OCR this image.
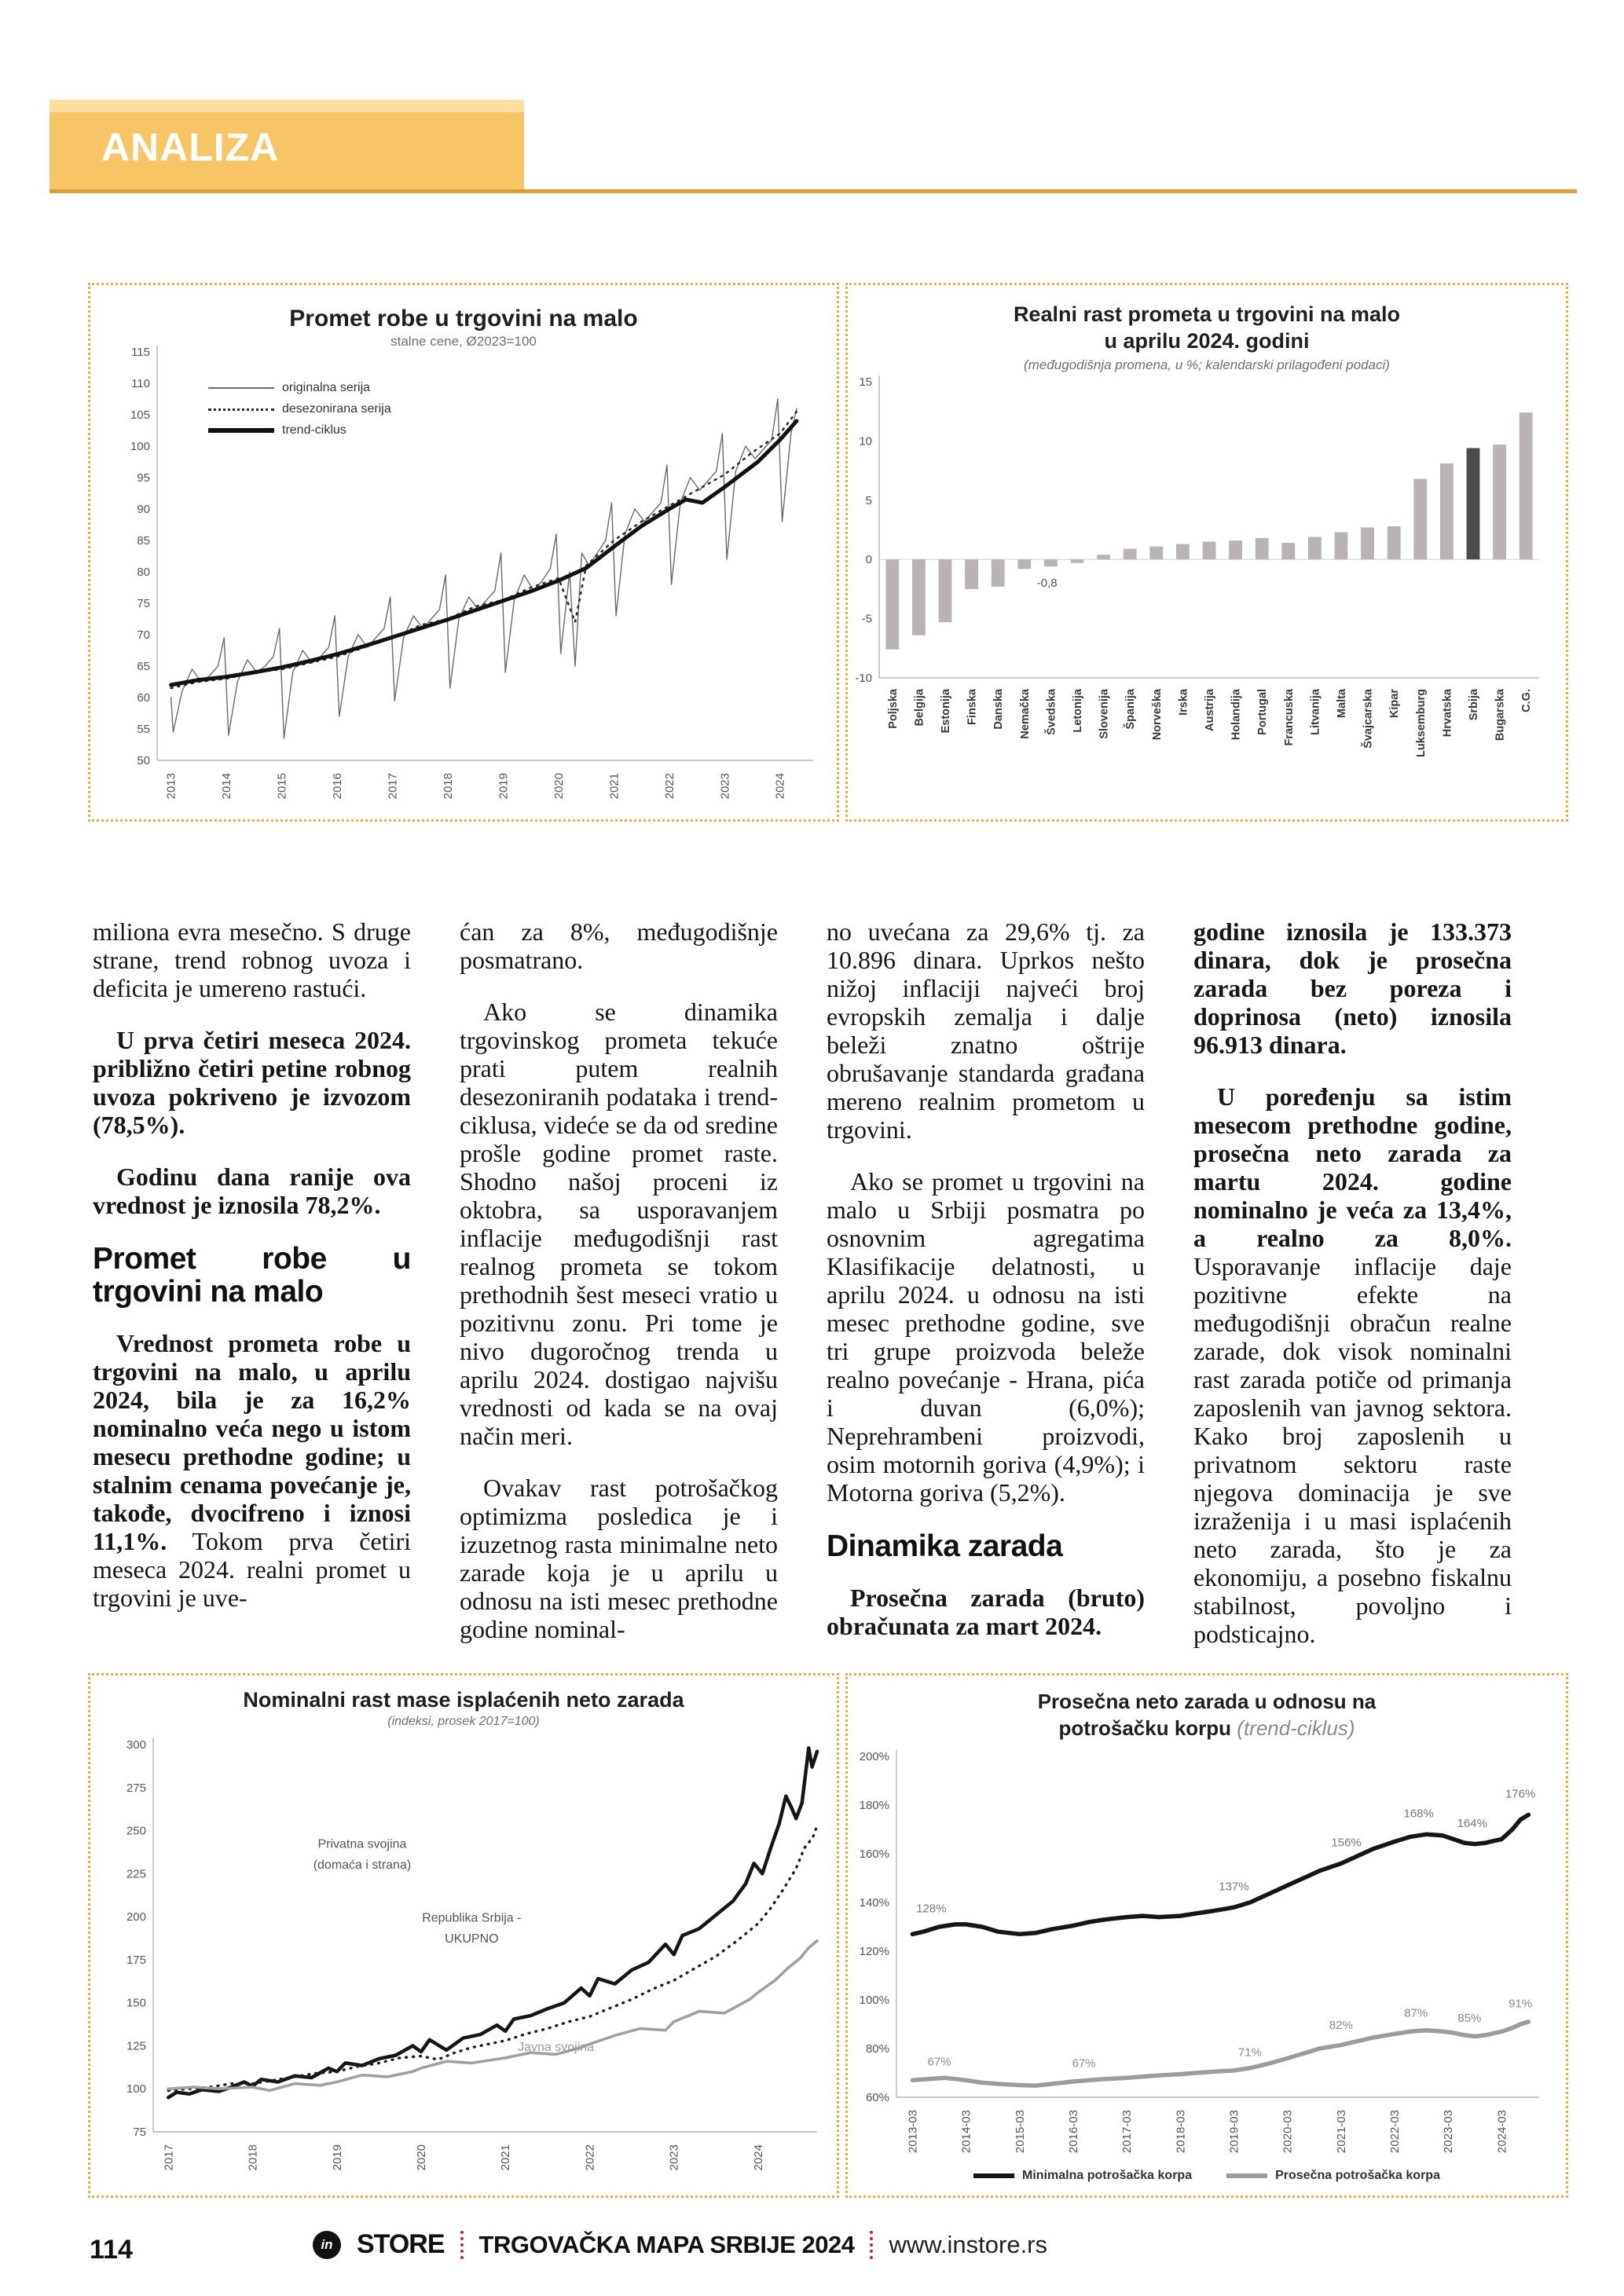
ANALIZA
Promet robe u trgovini na malo
stalne cene, Ø2023=100
115
110
105
100
95
90
85
80
75
70
65
60
55
50
2013	2014	2015	2016	2017	2018	2019	2020	2021	2022	2023	2024
originalna serija
desezonirana serija
trend-ciklus
Realni rast prometa u trgovini na malo
u aprilu 2024. godini
(međugodišnja promena, u %; kalendarski prilagođeni podaci)
15
10
5
0
-5
-10
Poljska Belgija Estonija Finska Danska Nemačka Švedska Letonija Slovenija Španija Norveška Irska Austrija Holandija Portugal Francuska Litvanija Malta Švajcarska Kipar Luksemburg Hrvatska Srbija Bugarska C.G.
-0,8

miliona evra mesečno. S druge strane, trend robnog uvoza i deficita je umereno rastući.

U prva četiri meseca 2024. približno četiri petine robnog uvoza pokriveno je izvozom (78,5%).

Godinu dana ranije ova vrednost je iznosila 78,2%.

Promet robe u trgovini na malo

Vrednost prometa robe u trgovini na malo, u aprilu 2024, bila je za 16,2% nominalno veća nego u istom mesecu prethodne godine; u stalnim cenama povećanje je, takođe, dvocifreno i iznosi 11,1%. Tokom prva četiri meseca 2024. realni promet u trgovini je uve-

ćan za 8%, međugodišnje posmatrano.

Ako se dinamika trgovinskog prometa tekuće prati putem realnih desezoniranih podataka i trend-ciklusa, videće se da od sredine prošle godine promet raste. Shodno našoj proceni iz oktobra, sa usporavanjem inflacije međugodišnji rast realnog prometa se tokom prethodnih šest meseci vratio u pozitivnu zonu. Pri tome je nivo dugoročnog trenda u aprilu 2024. dostigao najvišu vrednosti od kada se na ovaj način meri.

Ovakav rast potrošačkog optimizma posledica je i izuzetnog rasta minimalne neto zarade koja je u aprilu u odnosu na isti mesec prethodne godine nominal-

no uvećana za 29,6% tj. za 10.896 dinara. Uprkos nešto nižoj inflaciji najveći broj evropskih zemalja i dalje beleži znatno oštrije obrušavanje standarda građana mereno realnim prometom u trgovini.

Ako se promet u trgovini na malo u Srbiji posmatra po osnovnim agregatima Klasifikacije delatnosti, u aprilu 2024. u odnosu na isti mesec prethodne godine, sve tri grupe proizvoda beleže realno povećanje - Hrana, pića i duvan (6,0%); Neprehrambeni proizvodi, osim motornih goriva (4,9%); i Motorna goriva (5,2%).

Dinamika zarada

Prosečna zarada (bruto) obračunata za mart 2024.

godine iznosila je 133.373 dinara, dok je prosečna zarada bez poreza i doprinosa (neto) iznosila 96.913 dinara.

U poređenju sa istim mesecom prethodne godine, prosečna neto zarada za martu 2024. godine nominalno je veća za 13,4%, a realno za 8,0%. Usporavanje inflacije daje pozitivne efekte na međugodišnji obračun realne zarade, dok visok nominalni rast zarada potiče od primanja zaposlenih van javnog sektora. Kako broj zaposlenih u privatnom sektoru raste njegova dominacija je sve izraženija i u masi isplaćenih neto zarada, što je za ekonomiju, a posebno fiskalnu stabilnost, povoljno i podsticajno.

Nominalni rast mase isplaćenih neto zarada
(indeksi, prosek 2017=100)
300
275
250
225
200
175
150
125
100
75
2017	2018	2019	2020	2021	2022	2023	2024
Privatna svojina
(domaća i strana)
Republika Srbija -
UKUPNO
Javna svojina
Prosečna neto zarada u odnosu na
potrošačku korpu (trend-ciklus)
200%
180%
160%
140%
120%
100%
80%
60%
2013-03	2014-03	2015-03	2016-03	2017-03	2018-03	2019-03	2020-03	2021-03	2022-03	2023-03	2024-03
128%
137%
156%
168%
164%
176%
67%	67%
71%
82%
87%	85%
91%
Minimalna potrošačka korpa	Prosečna potrošačka korpa
114	in STORE TRGOVAČKA MAPA SRBIJE 2024 www.instore.rs
